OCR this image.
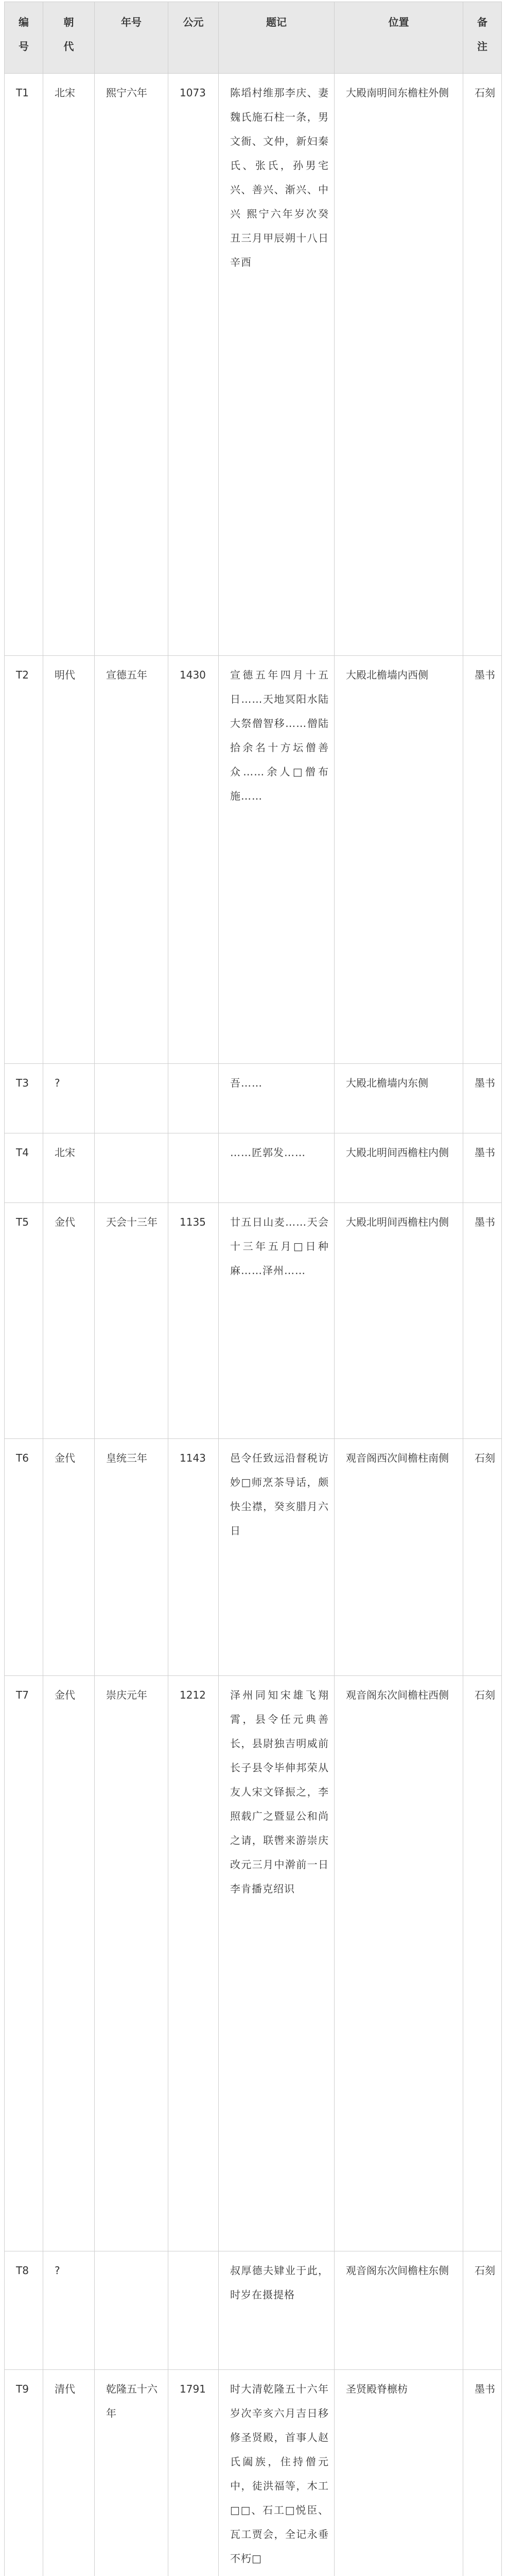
编号	朝代	年号	公元	题记	位置	备注
T1	北宋	熙宁六年	1073	陈塪村维那李庆、妻魏氏施石柱一条，男文衙、文仲，新妇秦氏、张氏，孙男宅兴、善兴、渐兴、中兴 熙宁六年岁次癸丑三月甲辰朔十八日辛酉	大殿南明间东檐柱外侧	石刻
T2	明代	宣德五年	1430	宣德五年四月十五日……天地冥阳水陆大祭僧智移……僧陆拾余名十方坛僧善众……余人□僧布施……	大殿北檐墙内西侧	墨书
T3	?			吾……	大殿北檐墙内东侧	墨书
T4	北宋			……匠郭发……	大殿北明间西檐柱内侧	墨书
T5	金代	天会十三年	1135	廿五日山麦……天会十三年五月□日种麻……泽州……	大殿北明间西檐柱内侧	墨书
T6	金代	皇统三年	1143	邑令任致远沿督税访妙□师烹茶导话，颇快尘襟，癸亥腊月六日	观音阁西次间檐柱南侧	石刻
T7	金代	崇庆元年	1212	泽州同知宋雄飞翔霄，县令任元典善长，县尉独吉明威前长子县令毕伸邦荣从友人宋文铎振之，李照载广之暨显公和尚之请，联辔来游崇庆改元三月中澣前一日李肯播克绍识	观音阁东次间檐柱西侧	石刻
T8	?			叔厚德夫肄业于此，时岁在摄提格	观音阁东次间檐柱东侧	石刻
T9	清代	乾隆五十六年	1791	时大清乾隆五十六年岁次辛亥六月吉日移修圣贤殿，首事人赵氏阖族，住持僧元中，徒洪福等，木工□□、石工□悦臣、瓦工贾会，全记永垂不朽□	圣贤殿脊檩枋	墨书
